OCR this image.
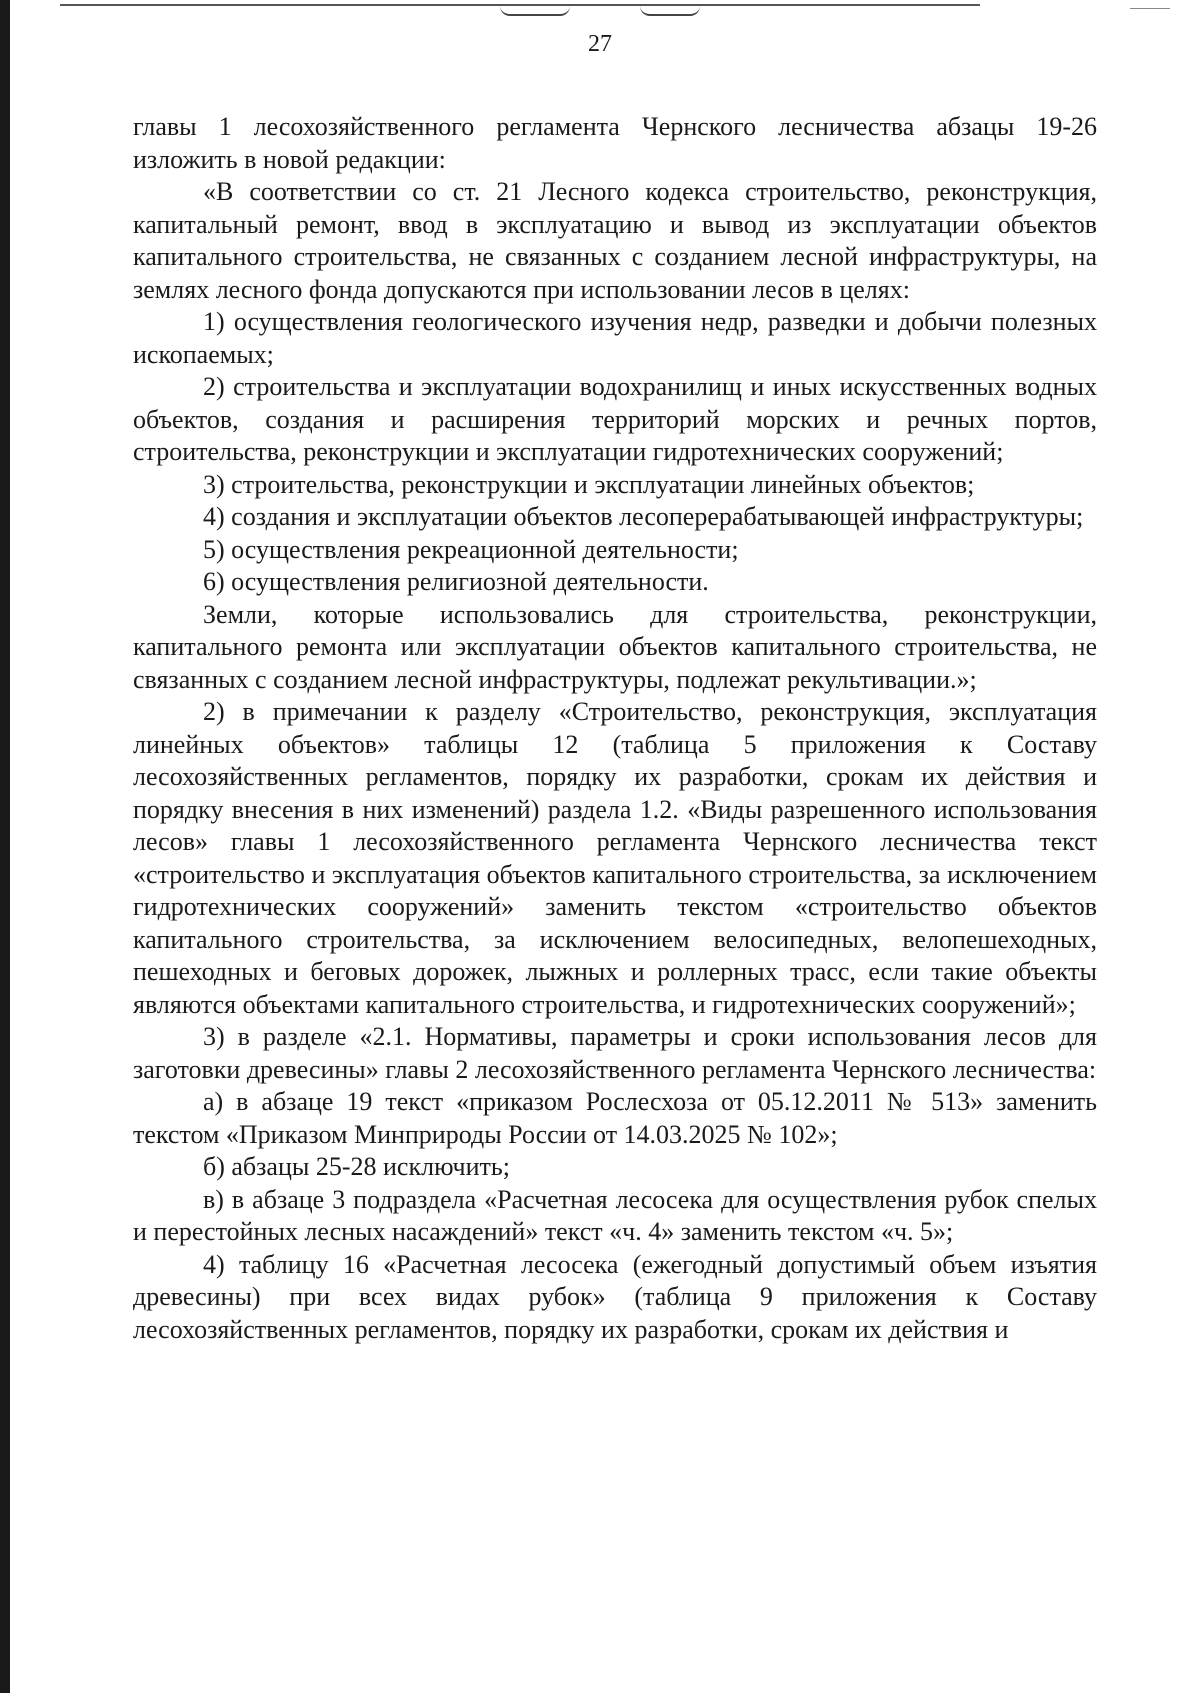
27

главы 1 лесохозяйственного регламента Чернского лесничества абзацы 19-26 изложить в новой редакции:

«В соответствии со ст. 21 Лесного кодекса строительство, реконструкция, капитальный ремонт, ввод в эксплуатацию и вывод из эксплуатации объектов капитального строительства, не связанных с созданием лесной инфраструктуры, на землях лесного фонда допускаются при использовании лесов в целях:

1) осуществления геологического изучения недр, разведки и добычи полезных ископаемых;

2) строительства и эксплуатации водохранилищ и иных искусственных водных объектов, создания и расширения территорий морских и речных портов, строительства, реконструкции и эксплуатации гидротехнических сооружений;

3) строительства, реконструкции и эксплуатации линейных объектов;

4) создания и эксплуатации объектов лесоперерабатывающей инфраструктуры;

5) осуществления рекреационной деятельности;

6) осуществления религиозной деятельности.

Земли, которые использовались для строительства, реконструкции, капитального ремонта или эксплуатации объектов капитального строительства, не связанных с созданием лесной инфраструктуры, подлежат рекультивации.»;

2) в примечании к разделу «Строительство, реконструкция, эксплуатация линейных объектов» таблицы 12 (таблица 5 приложения к Составу лесохозяйственных регламентов, порядку их разработки, срокам их действия и порядку внесения в них изменений) раздела 1.2. «Виды разрешенного использования лесов» главы 1 лесохозяйственного регламента Чернского лесничества текст «строительство и эксплуатация объектов капитального строительства, за исключением гидротехнических сооружений» заменить текстом «строительство объектов капитального строительства, за исключением велосипедных, велопешеходных, пешеходных и беговых дорожек, лыжных и роллерных трасс, если такие объекты являются объектами капитального строительства, и гидротехнических сооружений»;

3) в разделе «2.1. Нормативы, параметры и сроки использования лесов для заготовки древесины» главы 2 лесохозяйственного регламента Чернского лесничества:

а) в абзаце 19 текст «приказом Рослесхоза от 05.12.2011 № 513» заменить текстом «Приказом Минприроды России от 14.03.2025 № 102»;

б) абзацы 25-28 исключить;

в) в абзаце 3 подраздела «Расчетная лесосека для осуществления рубок спелых и перестойных лесных насаждений» текст «ч. 4» заменить текстом «ч. 5»;

4) таблицу 16 «Расчетная лесосека (ежегодный допустимый объем изъятия древесины) при всех видах рубок» (таблица 9 приложения к Составу лесохозяйственных регламентов, порядку их разработки, срокам их действия и
